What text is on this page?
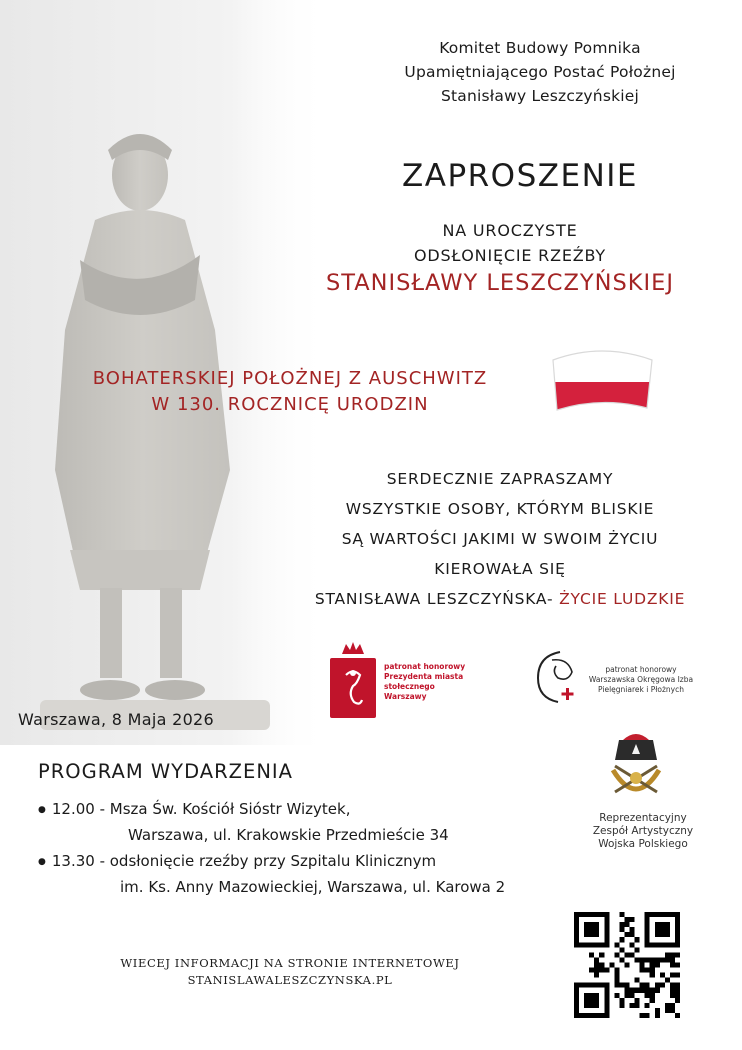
Komitet Budowy Pomnika
Upamiętniającego Postać Położnej
Stanisławy Leszczyńskiej
ZAPROSZENIE
NA UROCZYSTE
ODSŁONIĘCIE RZEŹBY
STANISŁAWY LESZCZYŃSKIEJ
BOHATERSKIEJ POŁOŻNEJ Z AUSCHWITZ
W 130. ROCZNICĘ URODZIN
SERDECZNIE ZAPRASZAMY
WSZYSTKIE OSOBY, KTÓRYM BLISKIE
SĄ WARTOŚCI JAKIMI W SWOIM ŻYCIU
KIEROWAŁA SIĘ
STANISŁAWA LESZCZYŃSKA- ŻYCIE LUDZKIE
patronat honorowy
Prezydenta miasta
stołecznego
Warszawy
patronat honorowy
Warszawska Okręgowa Izba
Pielęgniarek i Płożnych
Warszawa, 8 Maja 2026
PROGRAM WYDARZENIA
● 12.00 - Msza Św. Kościół Sióstr Wizytek,
Warszawa, ul. Krakowskie Przedmieście 34
● 13.30 - odsłonięcie rzeźby przy Szpitalu Klinicznym
im. Ks. Anny Mazowieckiej, Warszawa, ul. Karowa 2
Reprezentacyjny
Zespół Artystyczny
Wojska Polskiego
WIECEJ INFORMACJI NA STRONIE INTERNETOWEJ
STANISLAWALESZCZYNSKA.PL
